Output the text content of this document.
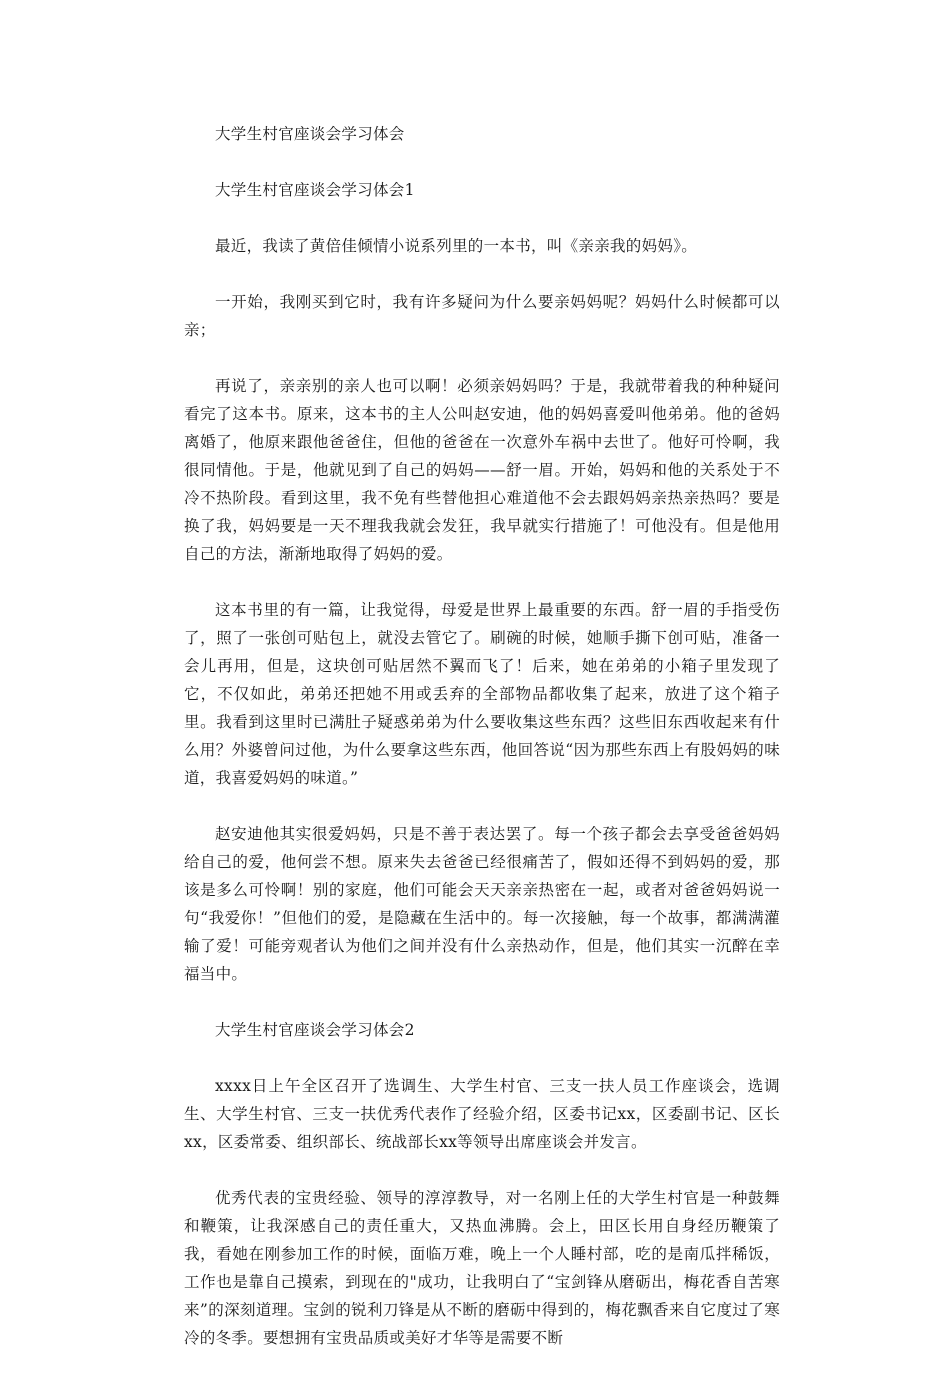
大学生村官座谈会学习体会

大学生村官座谈会学习体会1

最近，我读了黄倍佳倾情小说系列里的一本书，叫《亲亲我的妈妈》。

一开始，我刚买到它时，我有许多疑问为什么要亲妈妈呢？妈妈什么时候都可以亲；

再说了，亲亲别的亲人也可以啊！必须亲妈妈吗？于是，我就带着我的种种疑问看完了这本书。原来，这本书的主人公叫赵安迪，他的妈妈喜爱叫他弟弟。他的爸妈离婚了，他原来跟他爸爸住，但他的爸爸在一次意外车祸中去世了。他好可怜啊，我很同情他。于是，他就见到了自己的妈妈——舒一眉。开始，妈妈和他的关系处于不冷不热阶段。看到这里，我不免有些替他担心难道他不会去跟妈妈亲热亲热吗？要是换了我，妈妈要是一天不理我我就会发狂，我早就实行措施了！可他没有。但是他用自己的方法，渐渐地取得了妈妈的爱。

这本书里的有一篇，让我觉得，母爱是世界上最重要的东西。舒一眉的手指受伤了，照了一张创可贴包上，就没去管它了。刷碗的时候，她顺手撕下创可贴，准备一会儿再用，但是，这块创可贴居然不翼而飞了！后来，她在弟弟的小箱子里发现了它，不仅如此，弟弟还把她不用或丢弃的全部物品都收集了起来，放进了这个箱子里。我看到这里时已满肚子疑惑弟弟为什么要收集这些东西？这些旧东西收起来有什么用？外婆曾问过他，为什么要拿这些东西，他回答说“因为那些东西上有股妈妈的味道，我喜爱妈妈的味道。”

赵安迪他其实很爱妈妈，只是不善于表达罢了。每一个孩子都会去享受爸爸妈妈给自己的爱，他何尝不想。原来失去爸爸已经很痛苦了，假如还得不到妈妈的爱，那该是多么可怜啊！别的家庭，他们可能会天天亲亲热密在一起，或者对爸爸妈妈说一句“我爱你！”但他们的爱，是隐藏在生活中的。每一次接触，每一个故事，都满满灌输了爱！可能旁观者认为他们之间并没有什么亲热动作，但是，他们其实一沉醉在幸福当中。

大学生村官座谈会学习体会2

xxxx日上午全区召开了选调生、大学生村官、三支一扶人员工作座谈会，选调生、大学生村官、三支一扶优秀代表作了经验介绍，区委书记xx，区委副书记、区长xx，区委常委、组织部长、统战部长xx等领导出席座谈会并发言。

优秀代表的宝贵经验、领导的淳淳教导，对一名刚上任的大学生村官是一种鼓舞和鞭策，让我深感自己的责任重大，又热血沸腾。会上，田区长用自身经历鞭策了我，看她在刚参加工作的时候，面临万难，晚上一个人睡村部，吃的是南瓜拌稀饭，工作也是靠自己摸索，到现在的"成功，让我明白了“宝剑锋从磨砺出，梅花香自苦寒来”的深刻道理。宝剑的锐利刀锋是从不断的磨砺中得到的，梅花飘香来自它度过了寒冷的冬季。要想拥有宝贵品质或美好才华等是需要不断
